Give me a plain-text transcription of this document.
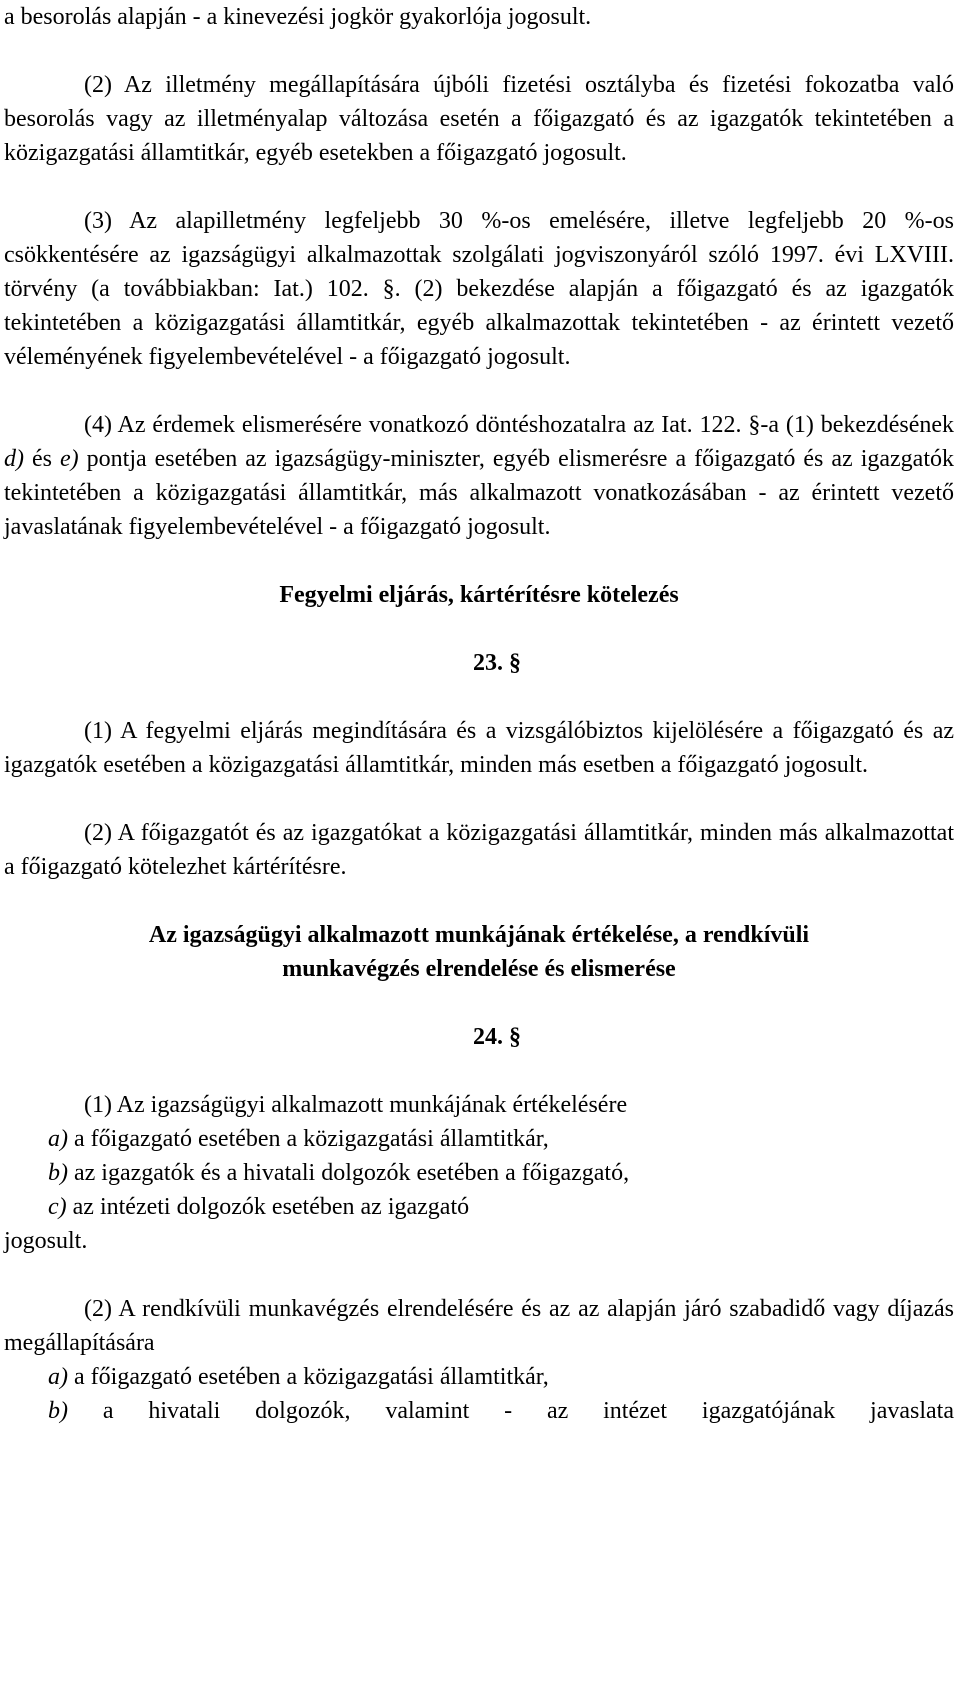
a besorolás alapján - a kinevezési jogkör gyakorlója jogosult.

(2) Az illetmény megállapítására újbóli fizetési osztályba és fizetési fokozatba való besorolás vagy az illetményalap változása esetén a főigazgató és az igazgatók tekintetében a közigazgatási államtitkár, egyéb esetekben a főigazgató jogosult.

(3) Az alapilletmény legfeljebb 30 %-os emelésére, illetve legfeljebb 20 %-os csökkentésére az igazságügyi alkalmazottak szolgálati jogviszonyáról szóló 1997. évi LXVIII. törvény (a továbbiakban: Iat.) 102. §. (2) bekezdése alapján a főigazgató és az igazgatók tekintetében a közigazgatási államtitkár, egyéb alkalmazottak tekintetében - az érintett vezető véleményének figyelembevételével - a főigazgató jogosult.

(4) Az érdemek elismerésére vonatkozó döntéshozatalra az Iat. 122. §-a (1) bekezdésének d) és e) pontja esetében az igazságügy-miniszter, egyéb elismerésre a főigazgató és az igazgatók tekintetében a közigazgatási államtitkár, más alkalmazott vonatkozásában - az érintett vezető javaslatának figyelembevételével - a főigazgató jogosult.

Fegyelmi eljárás, kártérítésre kötelezés

23. §

(1) A fegyelmi eljárás megindítására és a vizsgálóbiztos kijelölésére a főigazgató és az igazgatók esetében a közigazgatási államtitkár, minden más esetben a főigazgató jogosult.

(2) A főigazgatót és az igazgatókat a közigazgatási államtitkár, minden más alkalmazottat a főigazgató kötelezhet kártérítésre.

Az igazságügyi alkalmazott munkájának értékelése, a rendkívüli

munkavégzés elrendelése és elismerése

24. §

(1) Az igazságügyi alkalmazott munkájának értékelésére

a) a főigazgató esetében a közigazgatási államtitkár,

b) az igazgatók és a hivatali dolgozók esetében a főigazgató,

c) az intézeti dolgozók esetében az igazgató

jogosult.

(2) A rendkívüli munkavégzés elrendelésére és az az alapján járó szabadidő vagy díjazás megállapítására

a) a főigazgató esetében a közigazgatási államtitkár,

b) a hivatali dolgozók, valamint - az intézet igazgatójának javaslata
